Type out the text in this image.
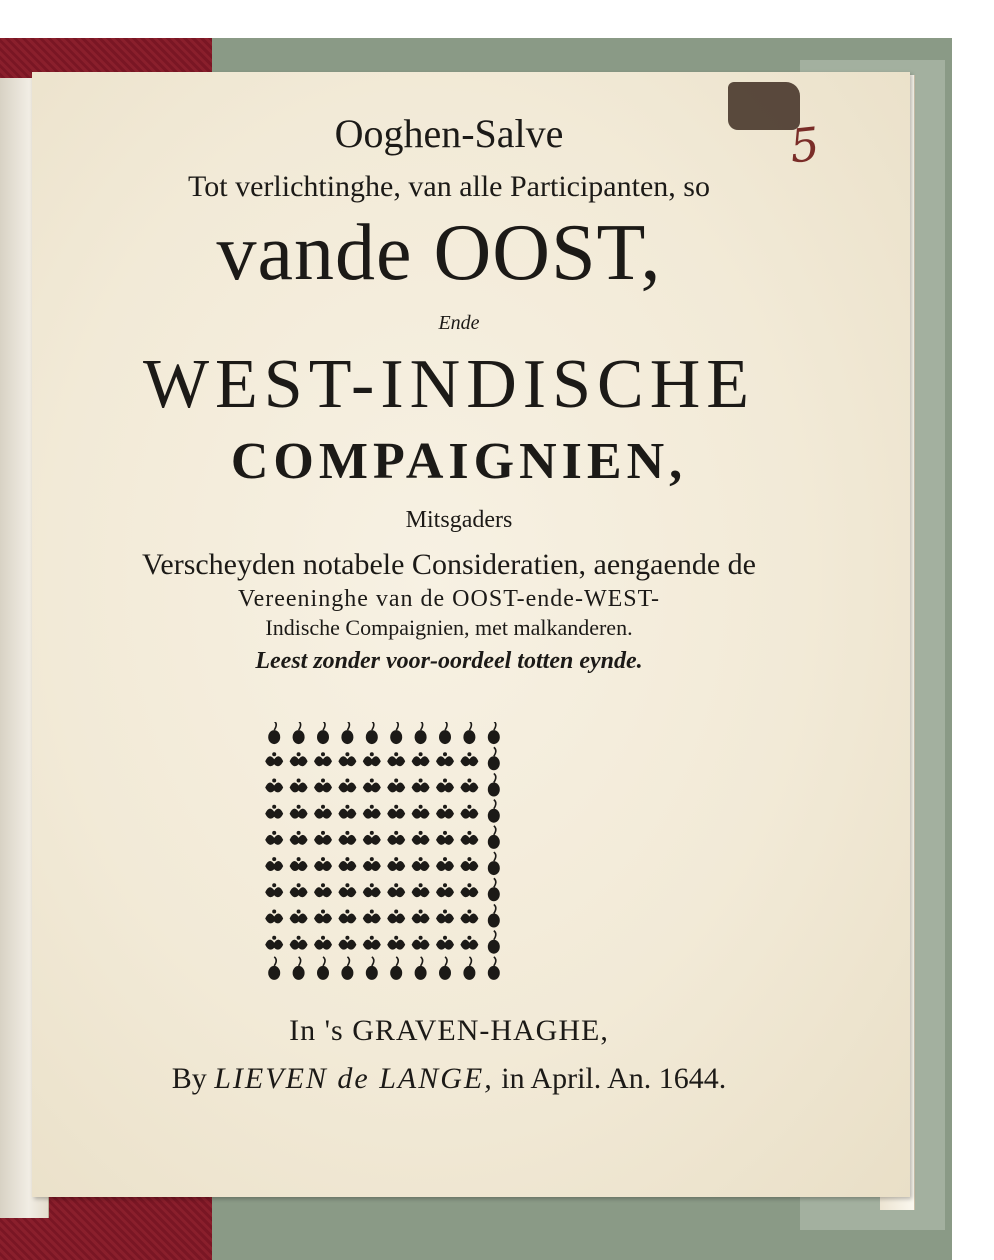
5
Ooghen-Salve
Tot verlichtinghe, van alle Participanten, so
vande OOST,
Ende
WEST-INDISCHE
COMPAIGNIEN,
Mitsgaders
Verscheyden notabele Consideratien, aengaende de
Vereeninghe van de OOST-ende-WEST-
Indische Compaignien, met malkanderen.
Leest zonder voor-oordeel totten eynde.
In 's GRAVEN-HAGHE,
By LIEVEN de LANGE, in April. An. 1644.
